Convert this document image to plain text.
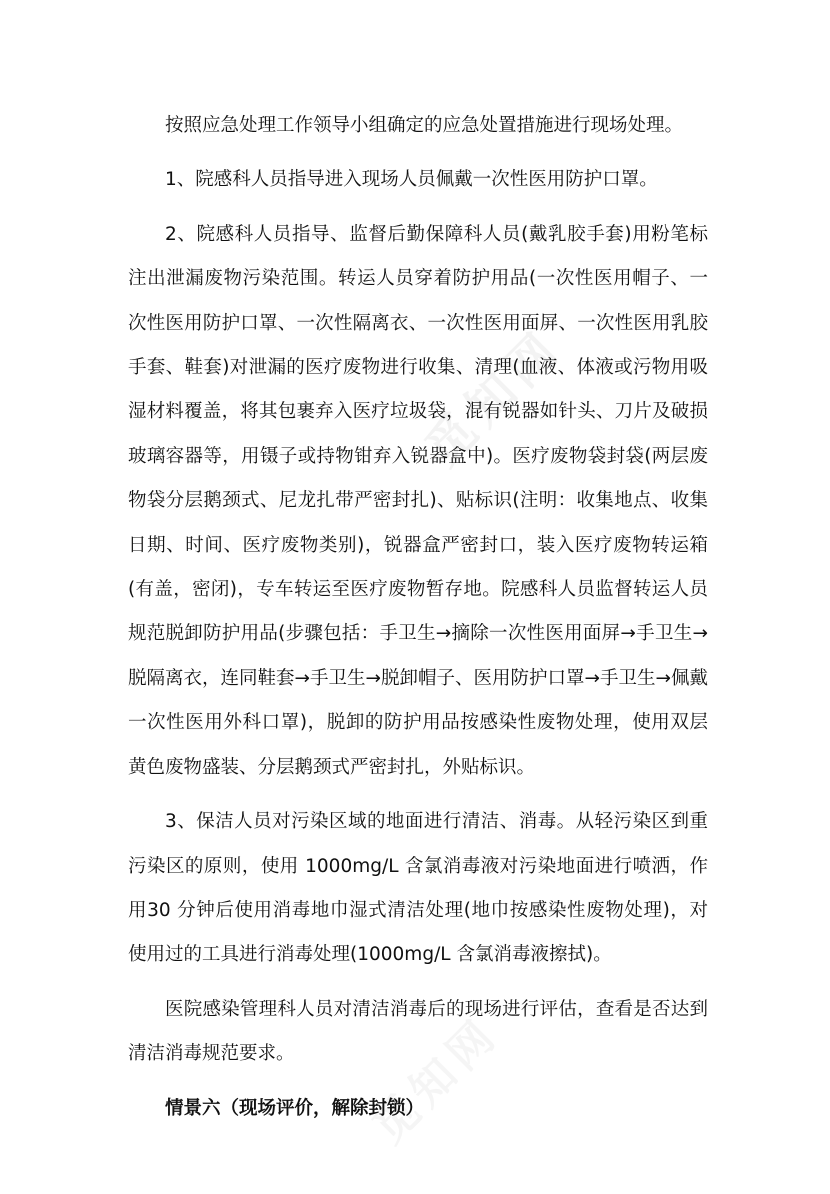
觅知网
觅知网

按照应急处理工作领导小组确定的应急处置措施进行现场处理。

1、院感科人员指导进入现场人员佩戴一次性医用防护口罩。

2、院感科人员指导、监督后勤保障科人员(戴乳胶手套)用粉笔标注出泄漏废物污染范围。转运人员穿着防护用品(一次性医用帽子、一次性医用防护口罩、一次性隔离衣、一次性医用面屏、一次性医用乳胶手套、鞋套)对泄漏的医疗废物进行收集、清理(血液、体液或污物用吸湿材料覆盖，将其包裹弃入医疗垃圾袋，混有锐器如针头、刀片及破损玻璃容器等，用镊子或持物钳弃入锐器盒中)。医疗废物袋封袋(两层废物袋分层鹅颈式、尼龙扎带严密封扎)、贴标识(注明：收集地点、收集日期、时间、医疗废物类别)，锐器盒严密封口，装入医疗废物转运箱(有盖，密闭)，专车转运至医疗废物暂存地。院感科人员监督转运人员规范脱卸防护用品(步骤包括：手卫生→摘除一次性医用面屏→手卫生→脱隔离衣，连同鞋套→手卫生→脱卸帽子、医用防护口罩→手卫生→佩戴一次性医用外科口罩)，脱卸的防护用品按感染性废物处理，使用双层黄色废物盛装、分层鹅颈式严密封扎，外贴标识。

3、保洁人员对污染区域的地面进行清洁、消毒。从轻污染区到重污染区的原则，使用 1000mg/L 含氯消毒液对污染地面进行喷洒，作用30 分钟后使用消毒地巾湿式清洁处理(地巾按感染性废物处理)，对使用过的工具进行消毒处理(1000mg/L 含氯消毒液擦拭)。

医院感染管理科人员对清洁消毒后的现场进行评估，查看是否达到清洁消毒规范要求。

情景六（现场评价，解除封锁）
